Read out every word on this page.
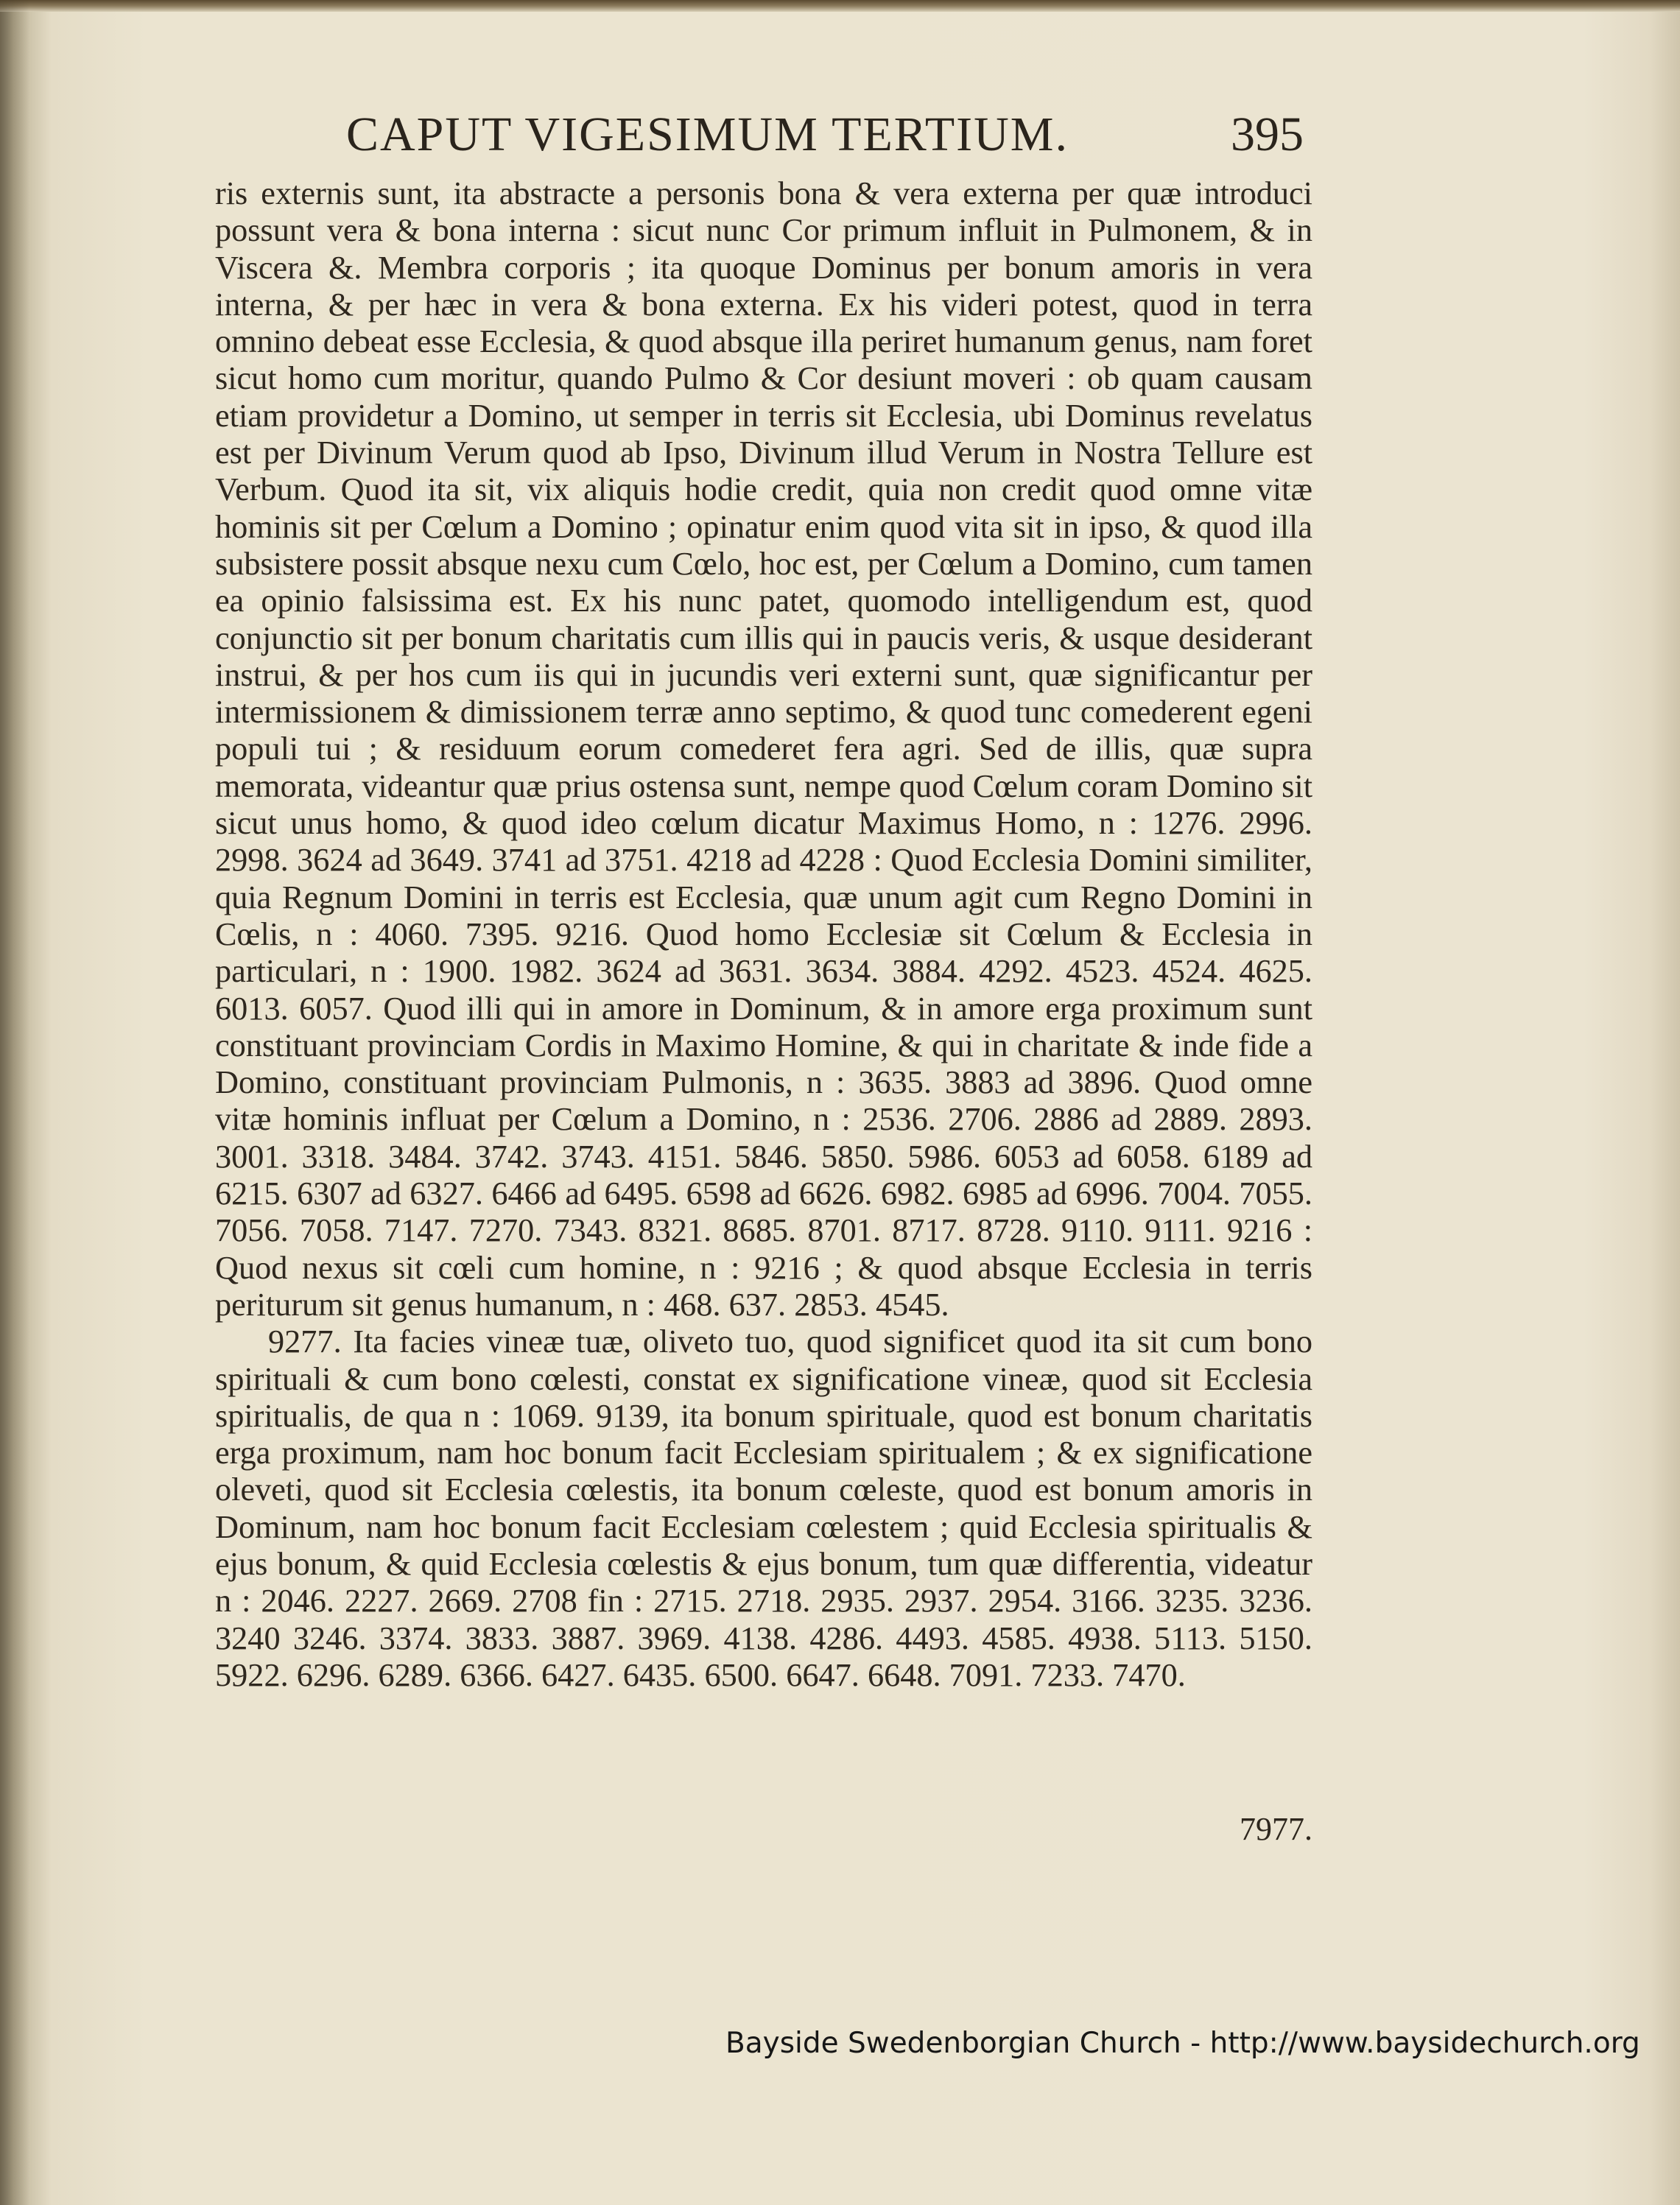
CAPUT VIGESIMUM TERTIUM.	395

ris externis sunt, ita abstracte a personis bona & vera externa per quæ introduci possunt vera & bona interna : sicut nunc Cor primum influit in Pulmonem, & in Viscera &. Membra corporis ; ita quoque Dominus per bonum amoris in vera interna, & per hæc in vera & bona externa. Ex his videri potest, quod in terra omnino debeat esse Ecclesia, & quod absque illa periret humanum genus, nam foret sicut homo cum moritur, quando Pulmo & Cor desiunt moveri : ob quam causam etiam providetur a Domino, ut semper in terris sit Ecclesia, ubi Dominus revelatus est per Divinum Verum quod ab Ipso, Divinum illud Verum in Nostra Tellure est Verbum. Quod ita sit, vix aliquis hodie credit, quia non credit quod omne vitæ hominis sit per Cœlum a Domino ; opinatur enim quod vita sit in ipso, & quod illa subsistere possit absque nexu cum Cœlo, hoc est, per Cœlum a Domino, cum tamen ea opinio falsissima est. Ex his nunc patet, quomodo intelligendum est, quod conjunctio sit per bonum charitatis cum illis qui in paucis veris, & usque desiderant instrui, & per hos cum iis qui in jucundis veri externi sunt, quæ significantur per intermissionem & dimissionem terræ anno septimo, & quod tunc comederent egeni populi tui ; & residuum eorum comederet fera agri. Sed de illis, quæ supra memorata, videantur quæ prius ostensa sunt, nempe quod Cœlum coram Domino sit sicut unus homo, & quod ideo cœlum dicatur Maximus Homo, n : 1276. 2996. 2998. 3624 ad 3649. 3741 ad 3751. 4218 ad 4228 : Quod Ecclesia Domini similiter, quia Regnum Domini in terris est Ecclesia, quæ unum agit cum Regno Domini in Cœlis, n : 4060. 7395. 9216. Quod homo Ecclesiæ sit Cœlum & Ecclesia in particulari, n : 1900. 1982. 3624 ad 3631. 3634. 3884. 4292. 4523. 4524. 4625. 6013. 6057. Quod illi qui in amore in Dominum, & in amore erga proximum sunt constituant provinciam Cordis in Maximo Homine, & qui in charitate & inde fide a Domino, constituant provinciam Pulmonis, n : 3635. 3883 ad 3896. Quod omne vitæ hominis influat per Cœlum a Domino, n : 2536. 2706. 2886 ad 2889. 2893. 3001. 3318. 3484. 3742. 3743. 4151. 5846. 5850. 5986. 6053 ad 6058. 6189 ad 6215. 6307 ad 6327. 6466 ad 6495. 6598 ad 6626. 6982. 6985 ad 6996. 7004. 7055. 7056. 7058. 7147. 7270. 7343. 8321. 8685. 8701. 8717. 8728. 9110. 9111. 9216 : Quod nexus sit cœli cum homine, n : 9216 ; & quod absque Ecclesia in terris periturum sit genus humanum, n : 468. 637. 2853. 4545.

9277. Ita facies vineæ tuæ, oliveto tuo, quod significet quod ita sit cum bono spirituali & cum bono cœlesti, constat ex significatione vineæ, quod sit Ecclesia spiritualis, de qua n : 1069. 9139, ita bonum spirituale, quod est bonum charitatis erga proximum, nam hoc bonum facit Ecclesiam spiritualem ; & ex significatione oleveti, quod sit Ecclesia cœlestis, ita bonum cœleste, quod est bonum amoris in Dominum, nam hoc bonum facit Ecclesiam cœlestem ; quid Ecclesia spiritualis & ejus bonum, & quid Ecclesia cœlestis & ejus bonum, tum quæ differentia, videatur n : 2046. 2227. 2669. 2708 fin : 2715. 2718. 2935. 2937. 2954. 3166. 3235. 3236. 3240 3246. 3374. 3833. 3887. 3969. 4138. 4286. 4493. 4585. 4938. 5113. 5150. 5922. 6296. 6289. 6366. 6427. 6435. 6500. 6647. 6648. 7091. 7233. 7470.

7977.
Bayside Swedenborgian Church - http://www.baysidechurch.org
